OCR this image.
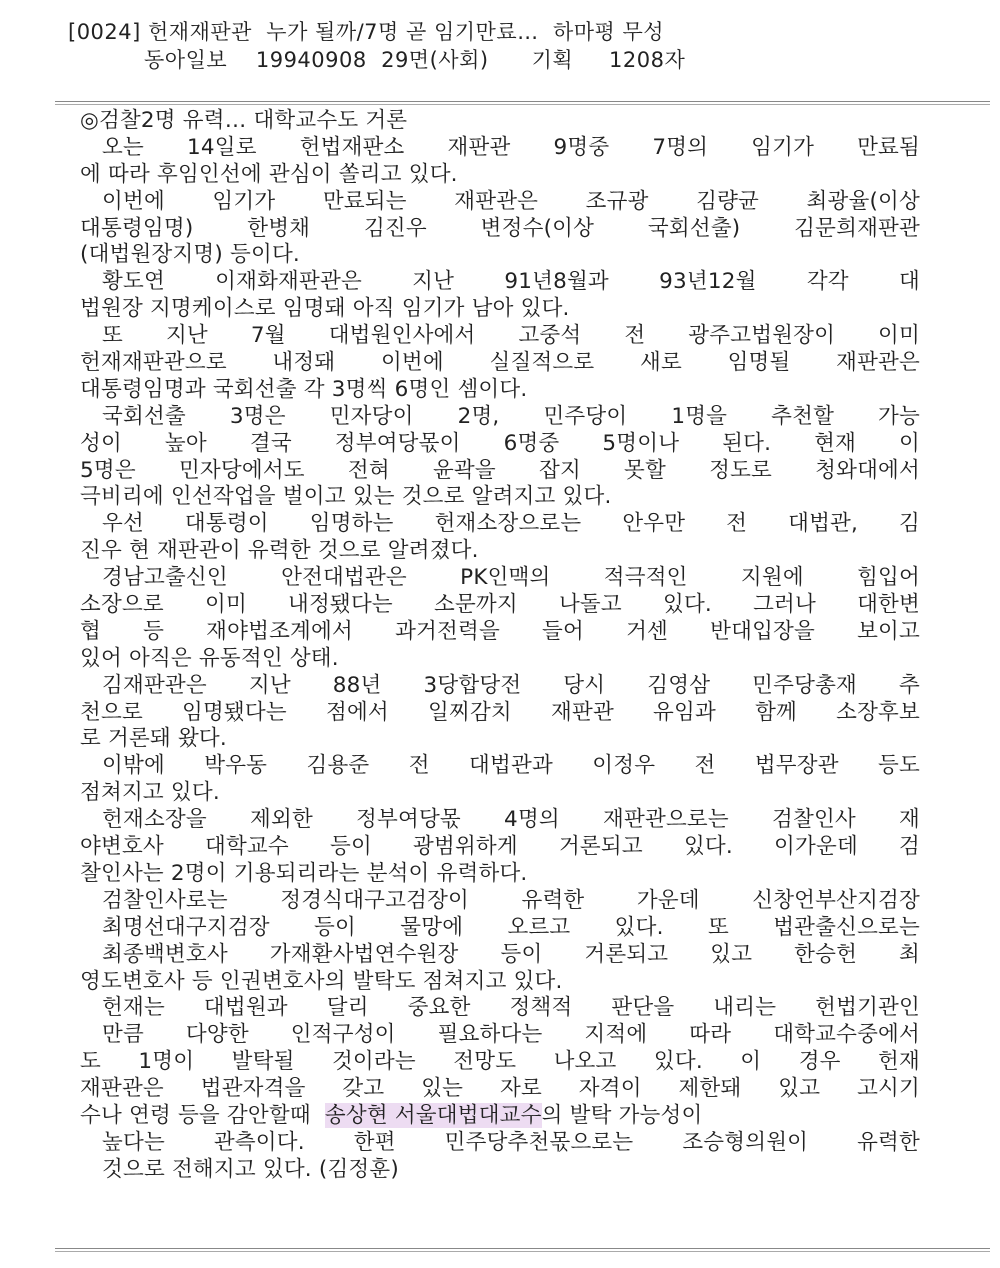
[0024] 헌재재판관  누가 될까/7명 곧 임기만료…  하마평 무성
동아일보    19940908  29면(사회)      기획     1208자
◎검찰2명 유력… 대학교수도 거론
오는 14일로 헌법재판소 재판관 9명중 7명의 임기가 만료됨
에 따라 후임인선에 관심이 쏠리고 있다.
이번에 임기가 만료되는 재판관은 조규광 김량균 최광율(이상
대통령임명) 한병채 김진우 변정수(이상 국회선출) 김문희재판관
(대법원장지명) 등이다.
황도연 이재화재판관은 지난 91년8월과 93년12월 각각 대
법원장 지명케이스로 임명돼 아직 임기가 남아 있다.
또 지난 7월 대법원인사에서 고중석 전 광주고법원장이 이미
헌재재판관으로 내정돼 이번에 실질적으로 새로 임명될 재판관은
대통령임명과 국회선출 각 3명씩 6명인 셈이다.
국회선출 3명은 민자당이 2명, 민주당이 1명을 추천할 가능
성이 높아 결국 정부여당몫이 6명중 5명이나 된다. 현재 이
5명은 민자당에서도 전혀 윤곽을 잡지 못할 정도로 청와대에서
극비리에 인선작업을 벌이고 있는 것으로 알려지고 있다.
우선 대통령이 임명하는 헌재소장으로는 안우만 전 대법관, 김
진우 현 재판관이 유력한 것으로 알려졌다.
경남고출신인 안전대법관은 PK인맥의 적극적인 지원에 힘입어
소장으로 이미 내정됐다는 소문까지 나돌고 있다. 그러나 대한변
협 등 재야법조계에서 과거전력을 들어 거센 반대입장을 보이고
있어 아직은 유동적인 상태.
김재판관은 지난 88년 3당합당전 당시 김영삼 민주당총재 추
천으로 임명됐다는 점에서 일찌감치 재판관 유임과 함께 소장후보
로 거론돼 왔다.
이밖에 박우동 김용준 전 대법관과 이정우 전 법무장관 등도
점쳐지고 있다.
헌재소장을 제외한 정부여당몫 4명의 재판관으로는 검찰인사 재
야변호사 대학교수 등이 광범위하게 거론되고 있다. 이가운데 검
찰인사는 2명이 기용되리라는 분석이 유력하다.
검찰인사로는 정경식대구고검장이 유력한 가운데 신창언부산지검장
최명선대구지검장 등이 물망에 오르고 있다. 또 법관출신으로는
최종백변호사 가재환사법연수원장 등이 거론되고 있고 한승헌 최
영도변호사 등 인권변호사의 발탁도 점쳐지고 있다.
헌재는 대법원과 달리 중요한 정책적 판단을 내리는 헌법기관인
만큼 다양한 인적구성이 필요하다는 지적에 따라 대학교수중에서
도 1명이 발탁될 것이라는 전망도 나오고 있다. 이 경우 헌재
재판관은 법관자격을 갖고 있는 자로 자격이 제한돼 있고 고시기
수나 연령 등을 감안할때 송상현 서울대법대교수의 발탁 가능성이
높다는 관측이다. 한편 민주당추천몫으로는 조승형의원이 유력한
것으로 전해지고 있다. (김정훈)
